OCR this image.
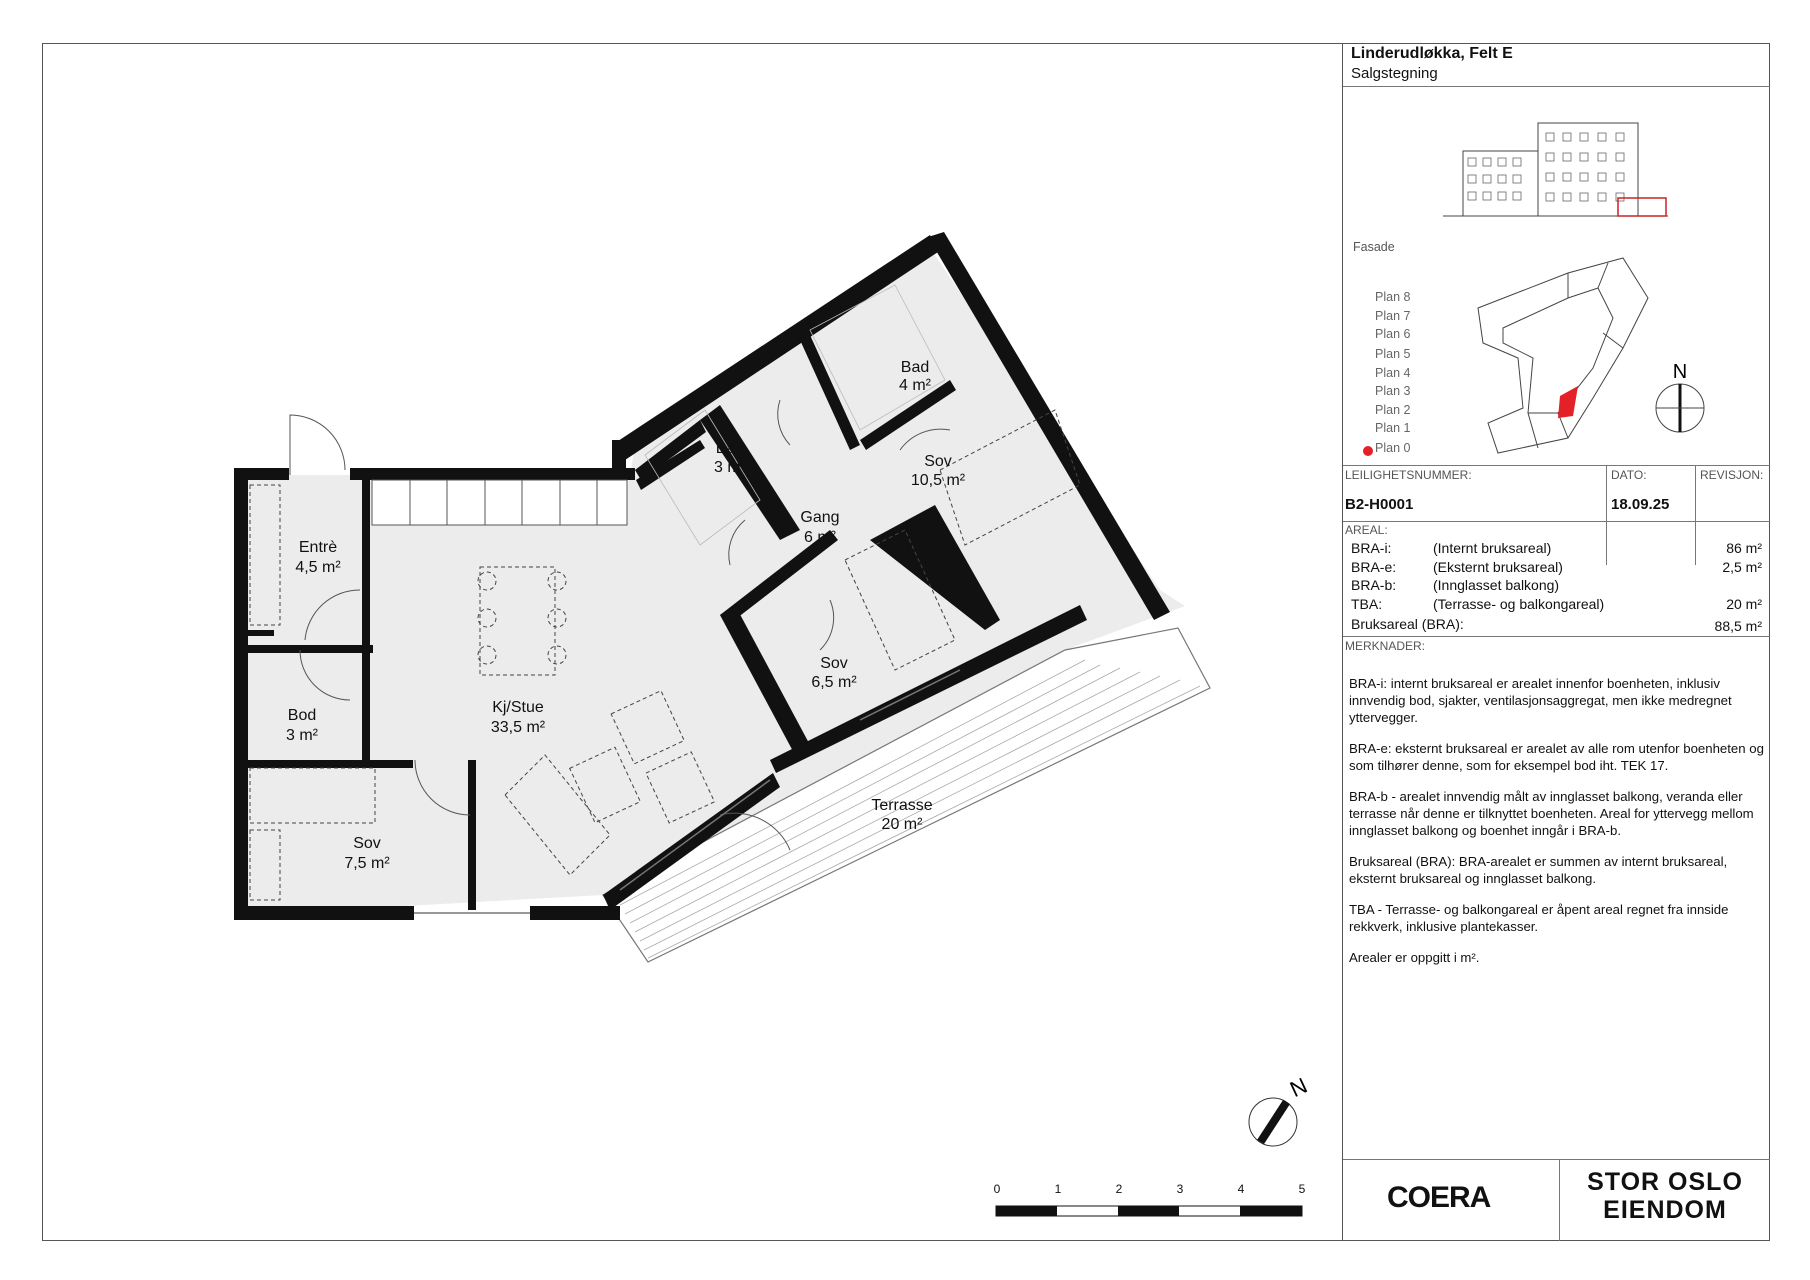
Entrè
4,5 m²
Bod
3 m²
Sov
7,5 m²
Kj/Stue
33,5 m²
Bad
3 m²
Gang
6 m²
Bad
4 m²
Sov
10,5 m²
Sov
6,5 m²
Terrasse
20 m²
N
0	1	2	3	4	5
Linderudløkka, Felt E
Salgstegning
Fasade
Plan 8
Plan 7
Plan 6
Plan 5
Plan 4
Plan 3
Plan 2
Plan 1
Plan 0
N
LEILIGHETSNUMMER:
B2-H0001
DATO:
18.09.25
REVISJON:
AREAL:
BRA-i:	(Internt bruksareal)	86 m²
BRA-e:	(Eksternt bruksareal)	2,5 m²
BRA-b:	(Innglasset balkong)
TBA:	(Terrasse- og balkongareal)	20 m²
Bruksareal (BRA):	88,5 m²
MERKNADER:
BRA-i: internt bruksareal er arealet innenfor boenheten, inklusiv innvendig bod, sjakter, ventilasjonsaggregat, men ikke medregnet yttervegger.
BRA-e: eksternt bruksareal er arealet av alle rom utenfor boenheten og som tilhører denne, som for eksempel bod iht. TEK 17.
BRA-b - arealet innvendig målt av innglasset balkong, veranda eller terrasse når denne er tilknyttet boenheten. Areal for yttervegg mellom innglasset balkong og boenhet inngår i BRA-b.
Bruksareal (BRA): BRA-arealet er summen av internt bruksareal, eksternt bruksareal og innglasset balkong.
TBA - Terrasse- og balkongareal er åpent areal regnet fra innside rekkverk, inklusive plantekasser.
Arealer er oppgitt i m².
COERA	STOR OSLO
EIENDOM
